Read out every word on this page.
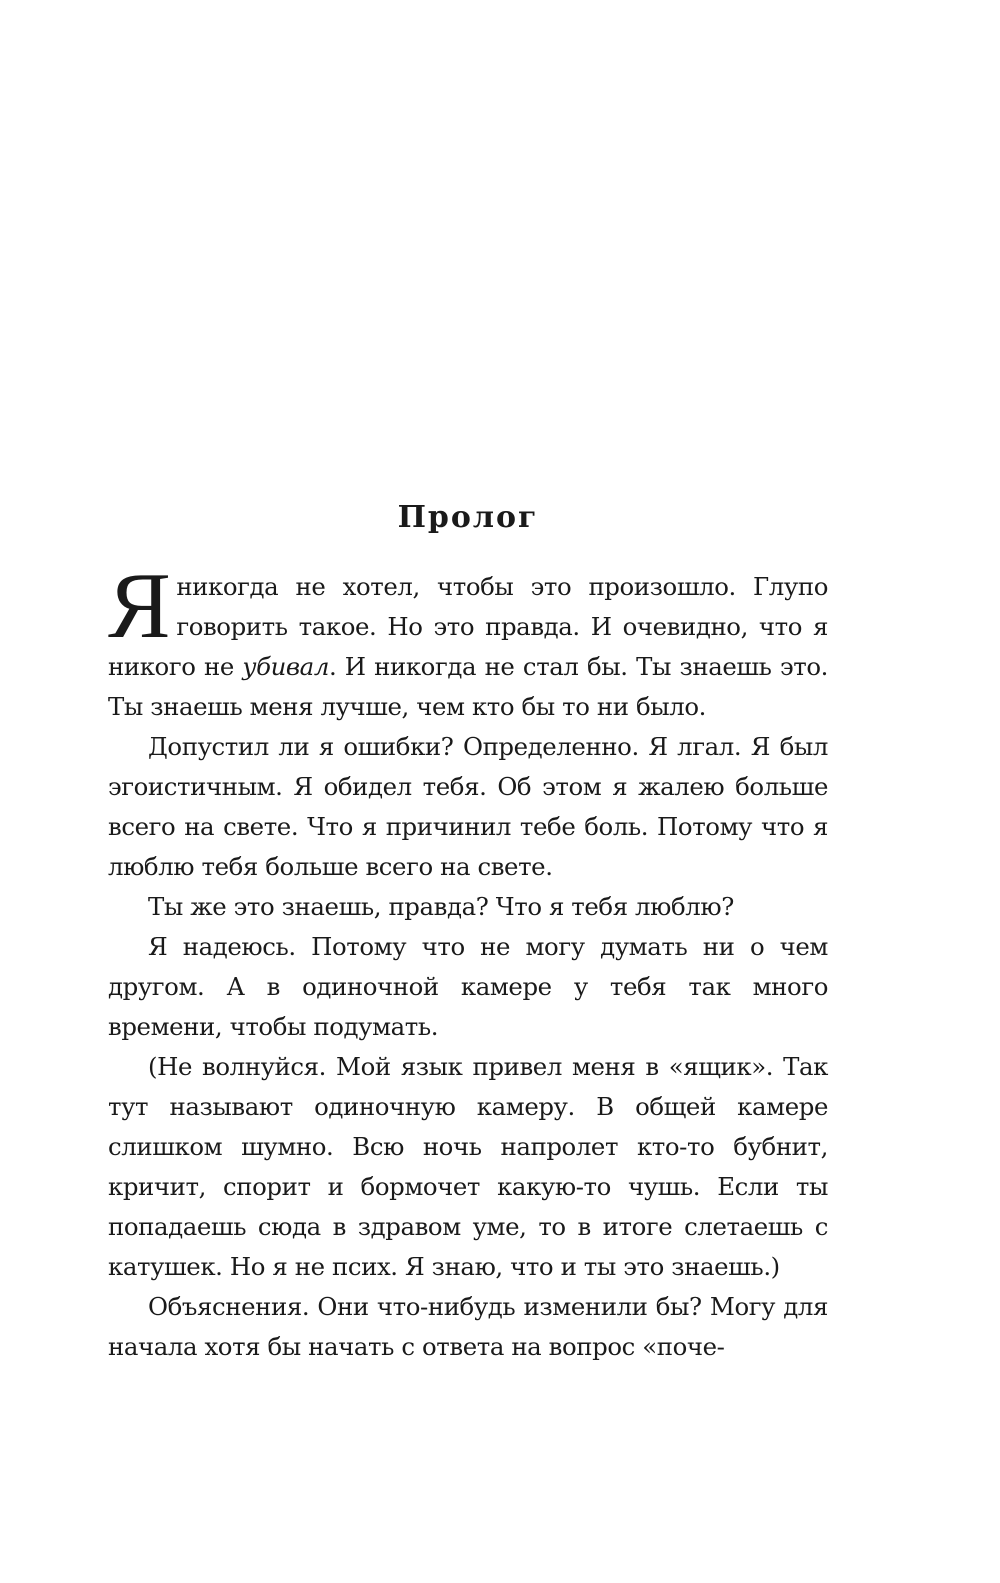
Пролог

Я никогда не хотел, чтобы это произошло. Глупо говорить такое. Но это правда. И очевидно, что я никого не убивал. И никогда не стал бы. Ты знаешь это. Ты знаешь меня лучше, чем кто бы то ни было.

Допустил ли я ошибки? Определенно. Я лгал. Я был эгоистичным. Я обидел тебя. Об этом я жалею больше всего на свете. Что я причинил тебе боль. Потому что я люблю тебя больше всего на свете.

Ты же это знаешь, правда? Что я тебя люблю?

Я надеюсь. Потому что не могу думать ни о чем другом. А в одиночной камере у тебя так много времени, чтобы подумать.

(Не волнуйся. Мой язык привел меня в «ящик». Так тут называют одиночную камеру. В общей камере слишком шумно. Всю ночь напролет кто-то бубнит, кричит, спорит и бормочет какую-то чушь. Если ты попадаешь сюда в здравом уме, то в итоге слетаешь с катушек. Но я не псих. Я знаю, что и ты это знаешь.)

Объяснения. Они что-нибудь изменили бы? Могу для начала хотя бы начать с ответа на вопрос «поче-
